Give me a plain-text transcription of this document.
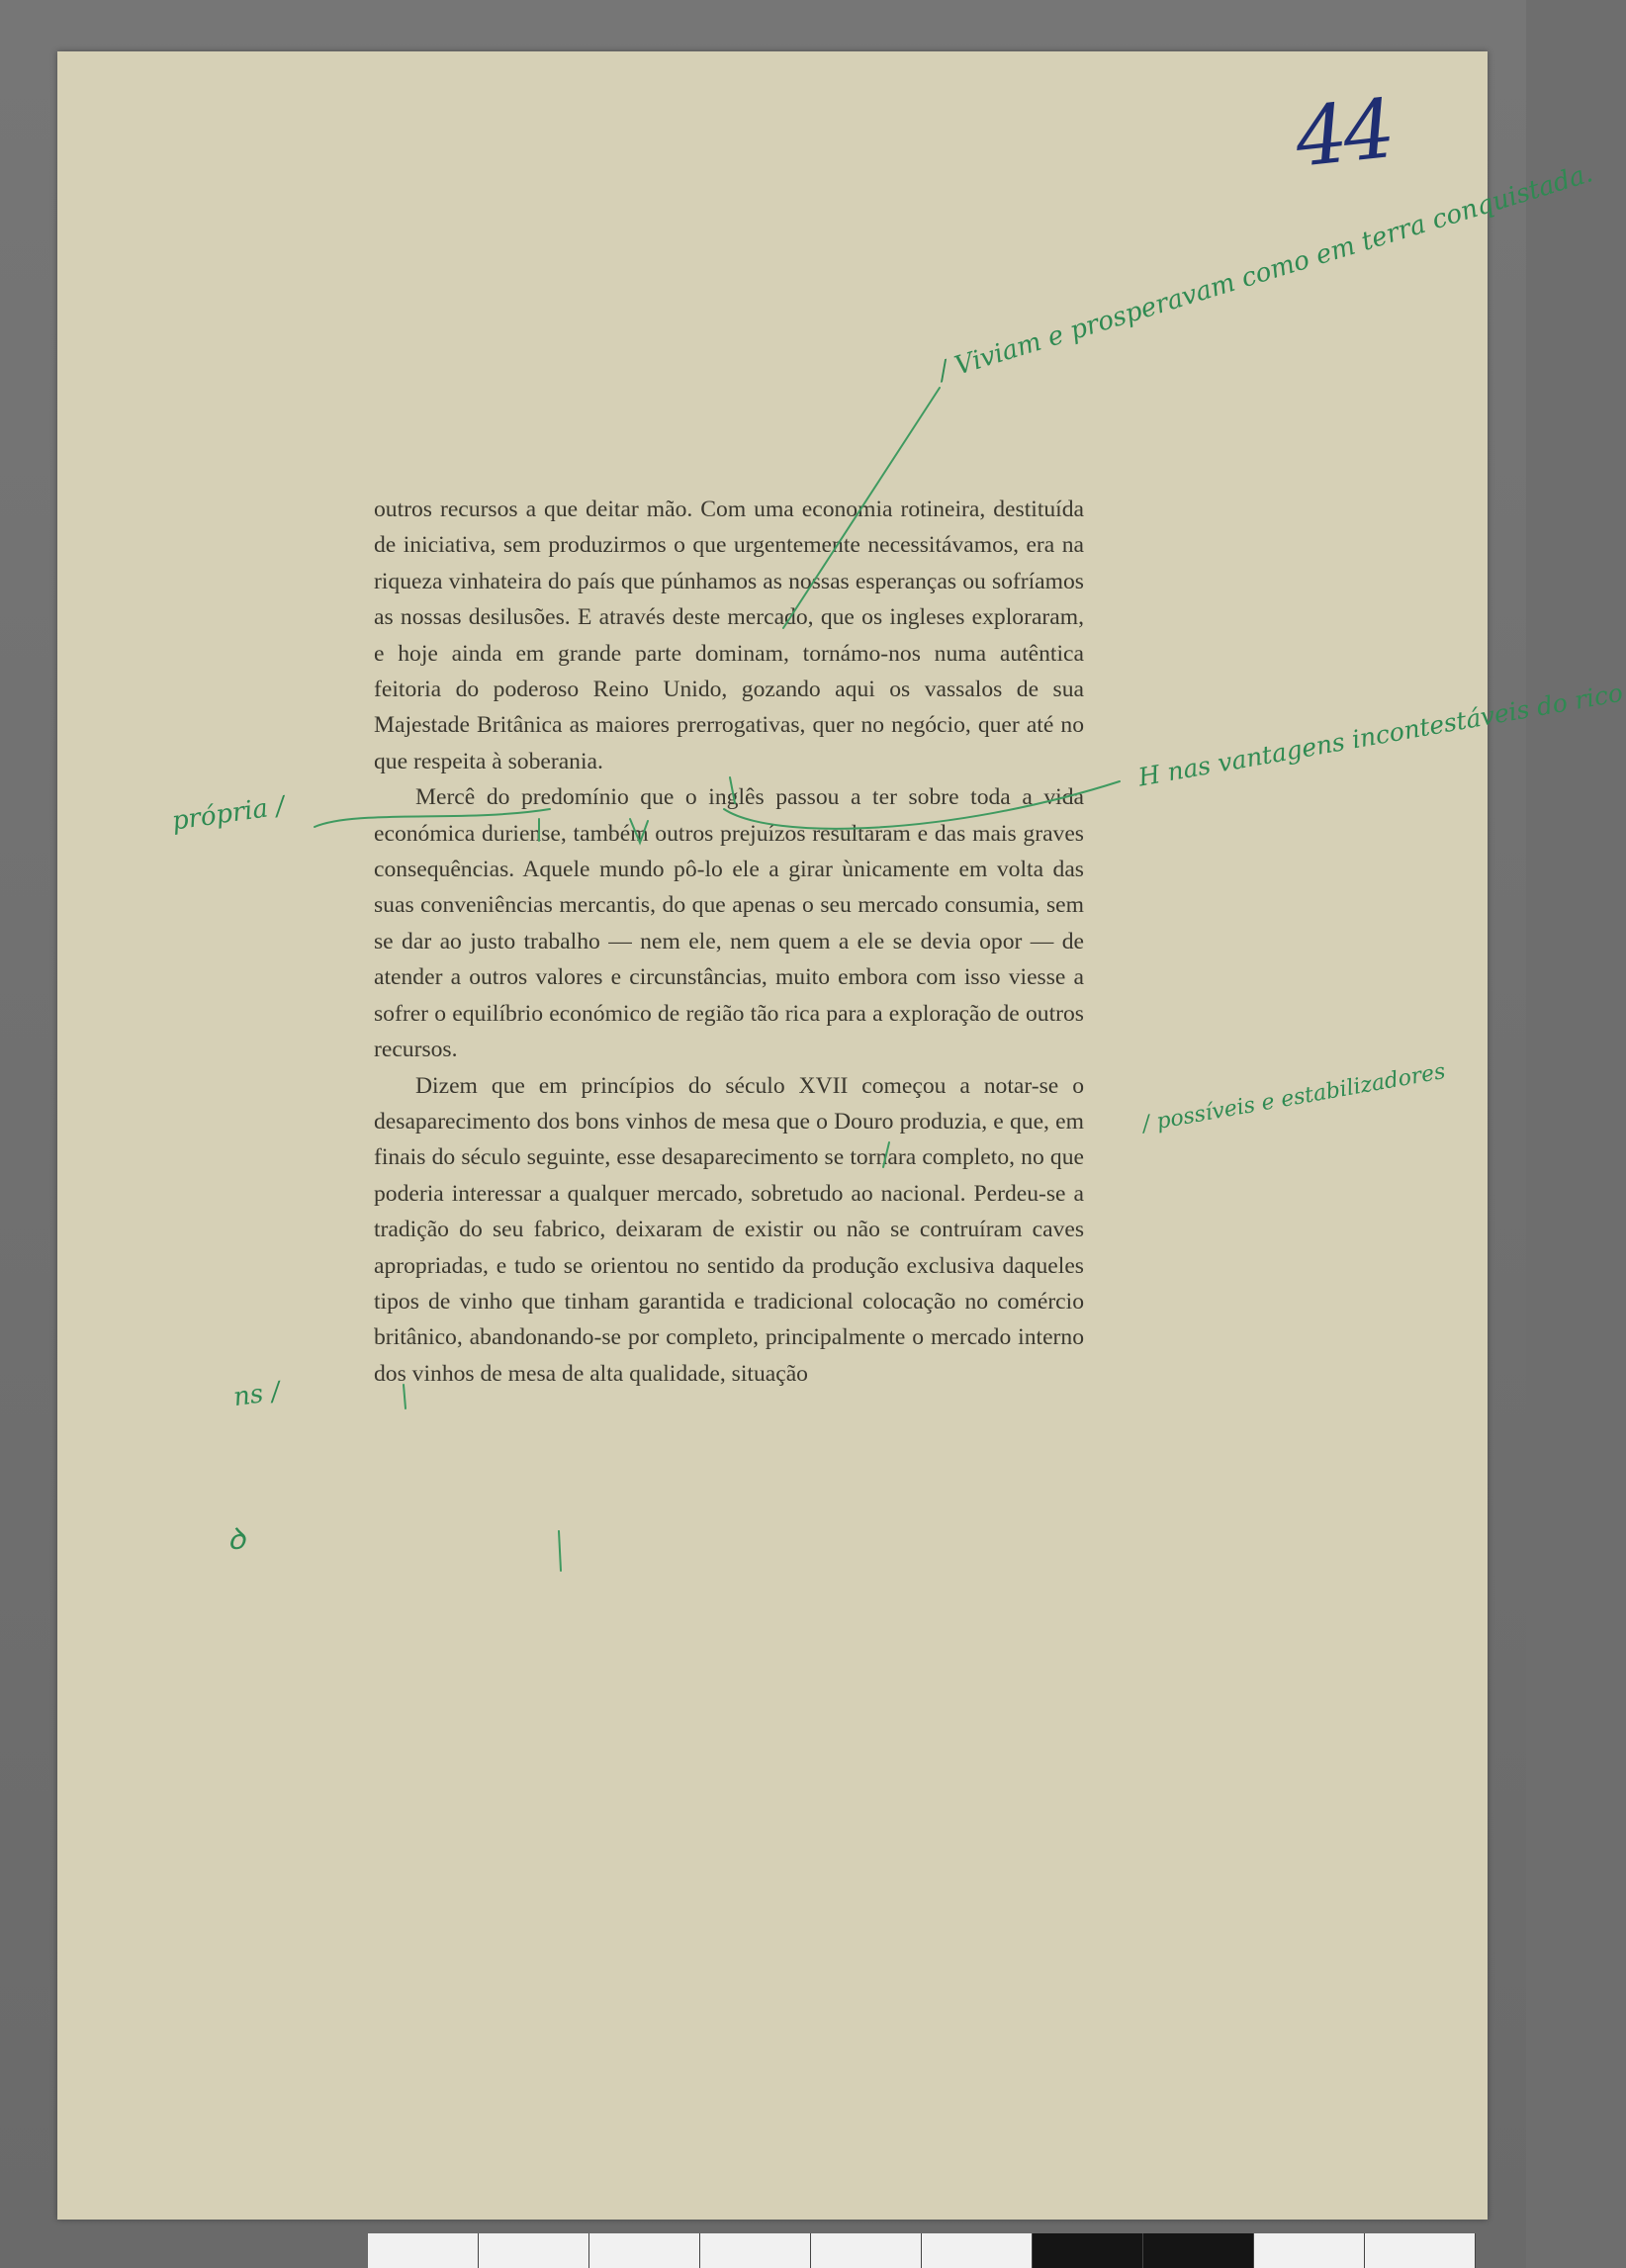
44

outros recursos a que deitar mão. Com uma economia rotineira, destituída de iniciativa, sem produzirmos o que urgentemente necessitávamos, era na riqueza vinhateira do país que púnhamos as nossas esperanças ou sofríamos as nossas desilusões. E através deste mercado, que os ingleses exploraram, e hoje ainda em grande parte dominam, tornámo-nos numa autêntica feitoria do poderoso Reino Unido, gozando aqui os vassalos de sua Majestade Britânica as maiores prerrogativas, quer no negócio, quer até no que respeita à soberania.

Mercê do predomínio que o inglês passou a ter sobre toda a vida económica duriense, também outros prejuízos resultaram e das mais graves consequências. Aquele mundo pô-lo ele a girar ùnicamente em volta das suas conveniências mercantis, do que apenas o seu mercado consumia, sem se dar ao justo trabalho — nem ele, nem quem a ele se devia opor — de atender a outros valores e circunstâncias, muito embora com isso viesse a sofrer o equilíbrio económico de região tão rica para a exploração de outros recursos.

Dizem que em princípios do século XVII começou a notar-se o desaparecimento dos bons vinhos de mesa que o Douro produzia, e que, em finais do século seguinte, esse desaparecimento se tornara completo, no que poderia interessar a qualquer mercado, sobretudo ao nacional. Perdeu-se a tradição do seu fabrico, deixaram de existir ou não se contruíram caves apropriadas, e tudo se orientou no sentido da produção exclusiva daqueles tipos de vinho que tinham garantida e tradicional colocação no comércio britânico, abandonando-se por completo, principalmente o mercado interno dos vinhos de mesa de alta qualidade, situação

/ Viviam e prosperavam como em terra conquistada.
H nas vantagens incontestáveis do rico
própria /
/ possíveis e estabilizadores
ns /
ꝺ
